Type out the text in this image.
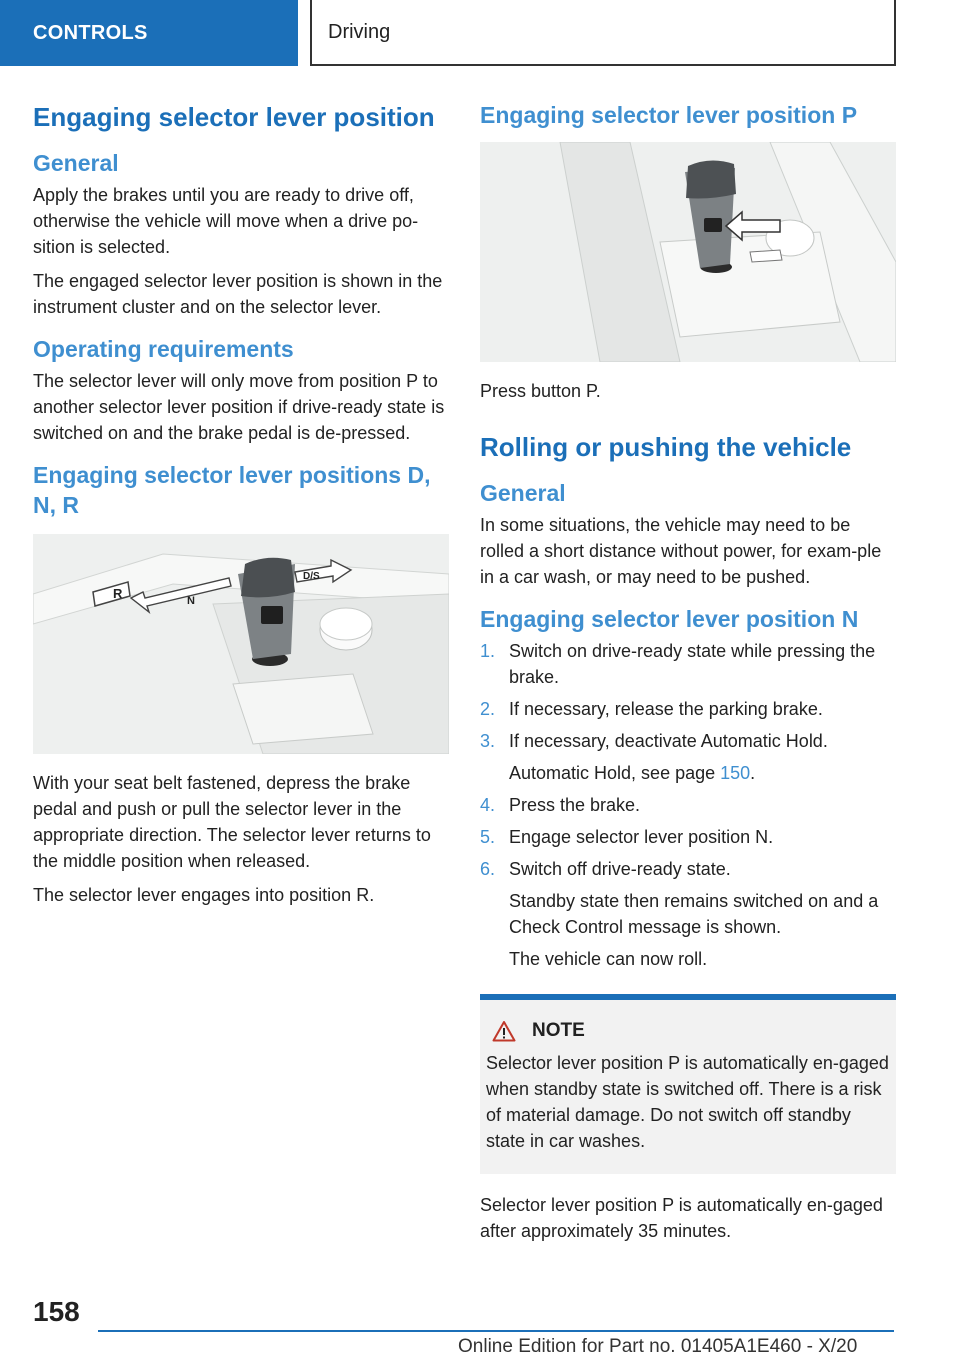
CONTROLS	Driving
Engaging selector lever position
General

Apply the brakes until you are ready to drive off, otherwise the vehicle will move when a drive po-sition is selected.

The engaged selector lever position is shown in the instrument cluster and on the selector lever.

Operating requirements

The selector lever will only move from position P to another selector lever position if drive-ready state is switched on and the brake pedal is de-pressed.

Engaging selector lever positions D, N, R
R	N
D/S

With your seat belt fastened, depress the brake pedal and push or pull the selector lever in the appropriate direction. The selector lever returns to the middle position when released.

The selector lever engages into position R.

Engaging selector lever position P

Press button P.

Rolling or pushing the vehicle
General

In some situations, the vehicle may need to be rolled a short distance without power, for exam-ple in a car wash, or may need to be pushed.

Engaging selector lever position N
1. Switch on drive-ready state while pressing the brake.
2. If necessary, release the parking brake.
3. If necessary, deactivate Automatic Hold.
Automatic Hold, see page 150.
4. Press the brake.
5. Engage selector lever position N.
6. Switch off drive-ready state.
Standby state then remains switched on and a Check Control message is shown.
The vehicle can now roll.
NOTE

Selector lever position P is automatically en-gaged when standby state is switched off. There is a risk of material damage. Do not switch off standby state in car washes.

Selector lever position P is automatically en-gaged after approximately 35 minutes.

158
Online Edition for Part no. 01405A1E460 - X/20
